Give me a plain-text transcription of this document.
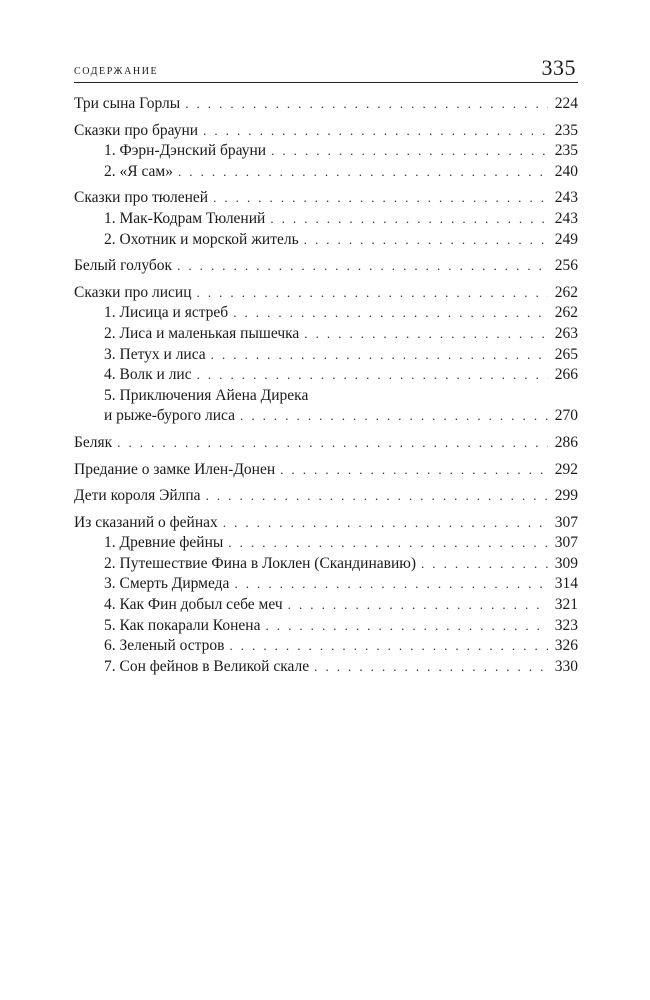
содержание	335
Три сына Горлы . . .	224
Сказки про брауни . . .	235
1. Фэрн-Дэнский брауни . . .	235
2. «Я сам» . . .	240
Сказки про тюленей . . .	243
1. Мак-Кодрам Тюлений . . .	243
2. Охотник и морской житель . . .	249
Белый голубок . . .	256
Сказки про лисиц . . .	262
1. Лисица и ястреб . . .	262
2. Лиса и маленькая пышечка . . .	263
3. Петух и лиса . . .	265
4. Волк и лис . . .	266
5. Приключения Айена Дирека
и рыже-бурого лиса . . .	270
Беляк . . .	286
Предание о замке Илен-Донен . . .	292
Дети короля Эйлпа . . .	299
Из сказаний о фейнах . . .	307
1. Древние фейны . . .	307
2. Путешествие Фина в Локлен (Скандинавию) . . .	309
3. Смерть Дирмеда . . .	314
4. Как Фин добыл себе меч . . .	321
5. Как покарали Конена . . .	323
6. Зеленый остров . . .	326
7. Сон фейнов в Великой скале . . .	330
